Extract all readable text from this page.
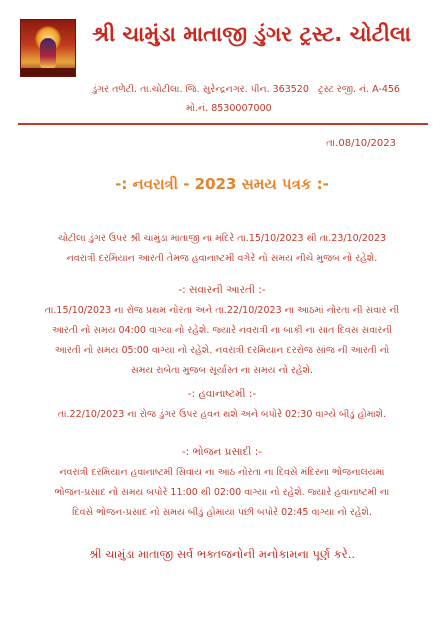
શ્રી ચામુંડા માતાજી ડુંગર ટ્રસ્ટ. ચોટીલા
ડુંગર તળેટી. તા.ચોટીલા. જિ. સુરેન્દ્રનગર. પીન. 363520 ટ્રસ્ટ રજી. નં. A-456
મો.નં. 8530007000
તા.08/10/2023
-: નવરાત્રી - 2023 સમય પત્રક :-
ચોટીલા ડુંગર ઉપર શ્રી ચામુંડા માતાજી ના મંદિરે તા.15/10/2023 થી તા.23/10/2023
નવરાત્રી દરમિયાન આરતી તેમજ હવાનાષ્ટમી વગેરે નો સમય નીચે મુજબ નો રહેશે.
-: સવારની આરતી :-
તા.15/10/2023 ના રોજ પ્રથમ નોરતા અને તા.22/10/2023 ના આઠમાં નોરતા ની સવાર ની
આરતી નો સમય 04:00 વાગ્યા નો રહેશે. જ્યારે નવરાત્રી ના બાકી ના સાત દિવસ સવારની
આરતી નો સમય 05:00 વાગ્યા નો રહેશે. નવરાત્રી દરમિયાન દરરોજ સાંજ ની આરતી નો
સમય રાબેતા મુજબ સૂર્યાસ્ત ના સમય નો રહેશે.
-: હવાનાષ્ટમી :-
તા.22/10/2023 ના રોજ ડુંગર ઉપર હવન થશે અને બપોરે 02:30 વાગ્યે બીડું હોમાશે.
-: ભોજન પ્રસાદી :-
નવરાત્રી દરમિયાન હવાનાષ્ટમી સિવાય ના આઠ નોરતા ના દિવસે મંદિરના ભોજનાલયમાં
ભોજન-પ્રસાદ નો સમય બપોરે 11:00 થી 02:00 વાગ્યા નો રહેશે. જ્યારે હવાનાષ્ટમી ના
દિવસે ભોજન-પ્રસાદ નો સમય બીડું હોમાયા પછી બપોરે 02:45 વાગ્યા નો રહેશે.
શ્રી ચામુંડા માતાજી સર્વ ભક્તજનોની મનોકામના પૂર્ણ કરે..
